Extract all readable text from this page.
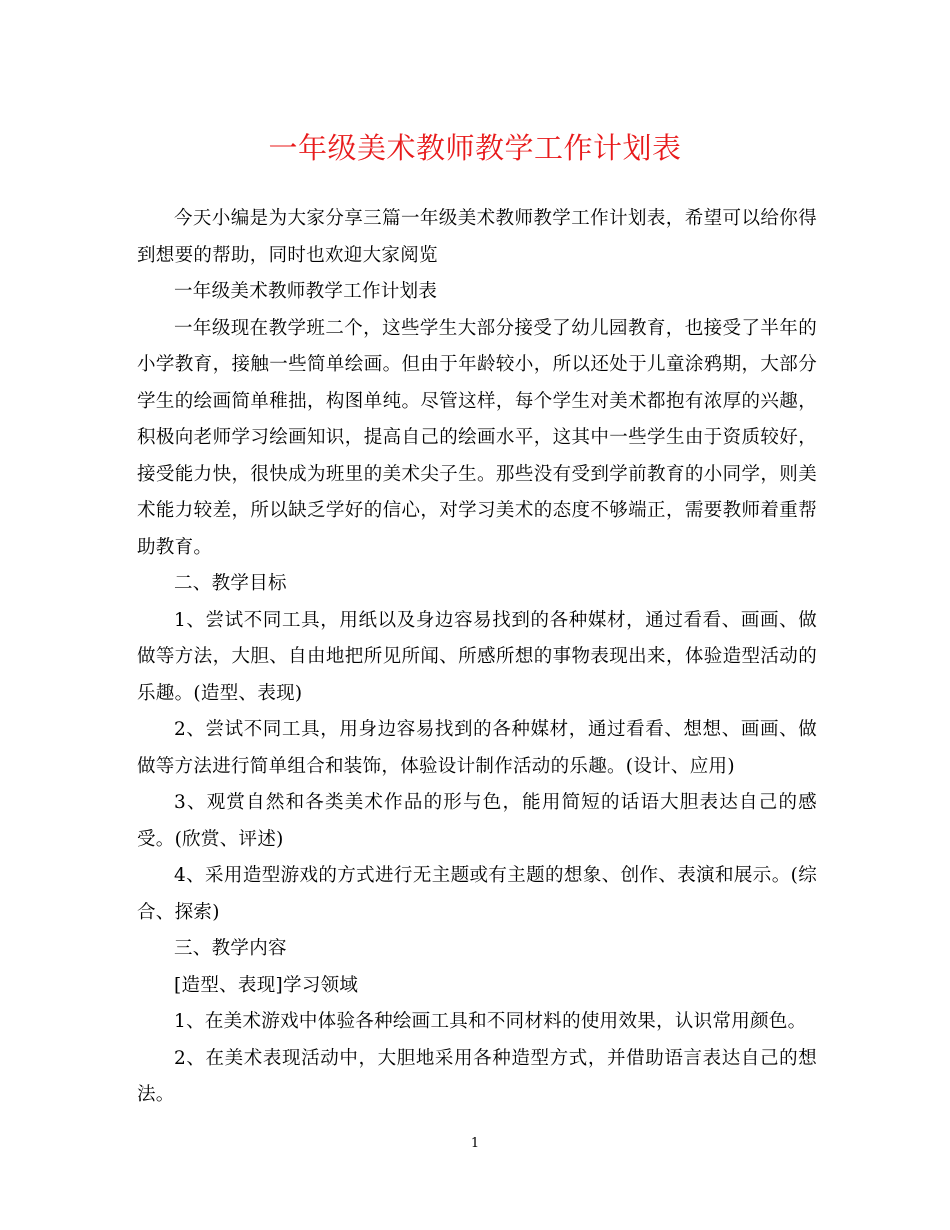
一年级美术教师教学工作计划表

今天小编是为大家分享三篇一年级美术教师教学工作计划表，希望可以给你得到想要的帮助，同时也欢迎大家阅览

一年级美术教师教学工作计划表

一年级现在教学班二个，这些学生大部分接受了幼儿园教育，也接受了半年的小学教育，接触一些简单绘画。但由于年龄较小，所以还处于儿童涂鸦期，大部分学生的绘画简单稚拙，构图单纯。尽管这样，每个学生对美术都抱有浓厚的兴趣，积极向老师学习绘画知识，提高自己的绘画水平，这其中一些学生由于资质较好，接受能力快，很快成为班里的美术尖子生。那些没有受到学前教育的小同学，则美术能力较差，所以缺乏学好的信心，对学习美术的态度不够端正，需要教师着重帮助教育。

二、教学目标

1、尝试不同工具，用纸以及身边容易找到的各种媒材，通过看看、画画、做做等方法，大胆、自由地把所见所闻、所感所想的事物表现出来，体验造型活动的乐趣。(造型、表现)

2、尝试不同工具，用身边容易找到的各种媒材，通过看看、想想、画画、做做等方法进行简单组合和装饰，体验设计制作活动的乐趣。(设计、应用)

3、观赏自然和各类美术作品的形与色，能用简短的话语大胆表达自己的感受。(欣赏、评述)

4、采用造型游戏的方式进行无主题或有主题的想象、创作、表演和展示。(综合、探索)

三、教学内容

[造型、表现]学习领域

1、在美术游戏中体验各种绘画工具和不同材料的使用效果，认识常用颜色。

2、在美术表现活动中，大胆地采用各种造型方式，并借助语言表达自己的想法。

1
